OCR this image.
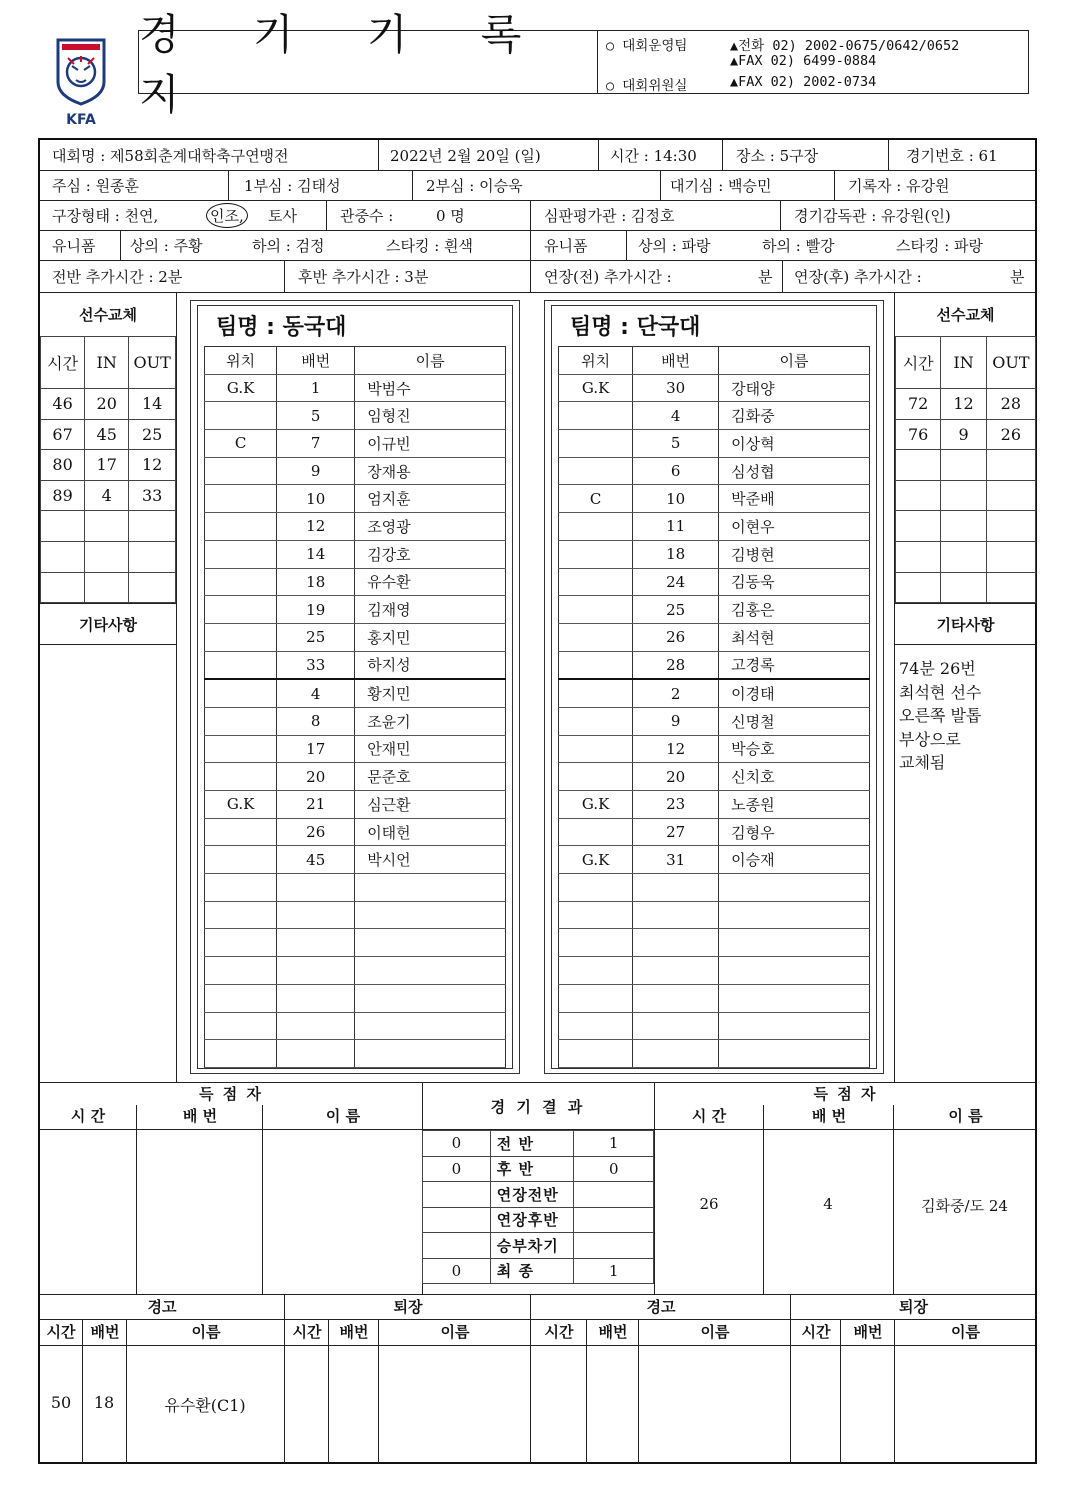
KFA
경 기 기 록 지
○ 대회운영팀	▲전화 02) 2002-0675/0642/0652
▲FAX 02) 6499-0884
○ 대회위원실	▲FAX 02) 2002-0734
대회명 : 제58회춘계대학축구연맹전	2022년 2월 20일 (일)	시간 : 14:30	장소 : 5구장	경기번호 : 61
주심 : 원종훈	1부심 : 김태성	2부심 : 이승욱	대기심 : 백승민	기록자 : 유강원
구장형태 : 천연,	인조, 토사	관중수 :	0 명	심판평가관 : 김정호	경기감독관 : 유강원(인)
유니폼 상의 : 주황	하의 : 검정	스타킹 : 흰색	유니폼	상의 : 파랑	하의 : 빨강	스타킹 : 파랑
전반 추가시간 : 2분	후반 추가시간 : 3분	연장(전) 추가시간 :	분 연장(후) 추가시간 :	분
선수교체
시간	IN	OUT
46	20	14
67	45	25
80	17	12
89	4	33

기타사항
팀명 : 동국대
위치	배번	이름
G.K	1	박범수
	5	임형진
C	7	이규빈
	9	장재용
	10	엄지훈
	12	조영광
	14	김강호
	18	유수환
	19	김재영
	25	홍지민
	33	하지성
	4	황지민
	8	조윤기
	17	안재민
	20	문준호
G.K	21	심근환
	26	이태헌
	45	박시언

팀명 : 단국대
위치	배번	이름
G.K	30	강태양
	4	김화중
	5	이상혁
	6	심성협
C	10	박준배
	11	이현우
	18	김병현
	24	김동욱
	25	김홍은
	26	최석현
	28	고경록
	2	이경태
	9	신명철
	12	박승호
	20	신치호
G.K	23	노종원
	27	김형우
G.K	31	이승재

선수교체
시간	IN	OUT
72	12	28
76	9	26

기타사항
74분 26번
최석현 선수
오른쪽 발톱
부상으로
교체됨
득 점 자
시 간	배 번	이 름
경 기 결 과
0	전 반	1
0	후 반	0
	연장전반	
	연장후반	
	승부차기	
0	최 종	1
득 점 자
시 간	배 번	이 름
26	4	김화중/도 24
경고	퇴장	경고	퇴장
시간	배번	이름	시간	배번	이름	시간	배번	이름	시간	배번	이름
50	18	유수환(C1)
